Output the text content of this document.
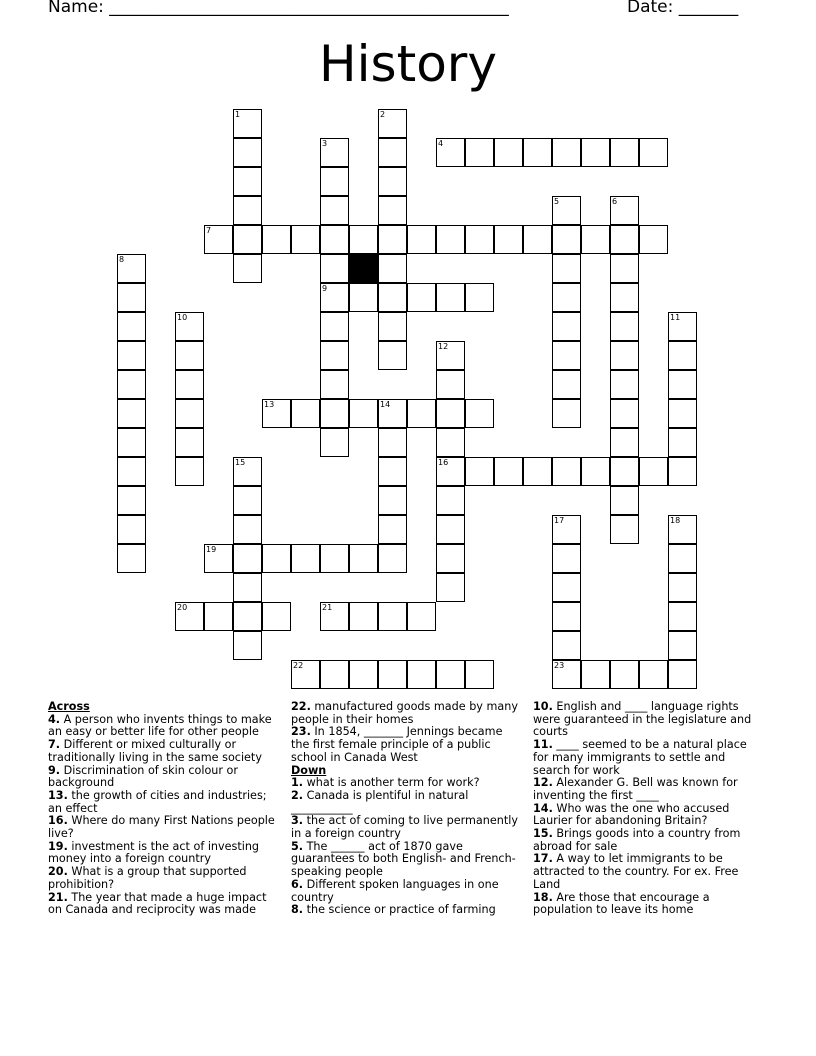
Name: _______________________________________________	Date: _______
History
1	2
3
9
4
5	6
7
8
10	11
12
16
13	14
15
17	18
19
20	21
22	23
Across
4. A person who invents things to make an easy or better life for other people
7. Different or mixed culturally or traditionally living in the same society
9. Discrimination of skin colour or background
13. the growth of cities and industries; an effect
16. Where do many First Nations people live?
19. investment is the act of investing money into a foreign country
20. What is a group that supported prohibition?
21. The year that made a huge impact on Canada and reciprocity was made
22. manufactured goods made by many people in their homes
23. In 1854, _______ Jennings became the first female principle of a public school in Canada West
Down
1. what is another term for work?
2. Canada is plentiful in natural ___________
3. the act of coming to live permanently in a foreign country
5. The ______ act of 1870 gave guarantees to both English- and French-speaking people
6. Different spoken languages in one country
8. the science or practice of farming
10. English and ____ language rights were guaranteed in the legislature and courts
11. ____ seemed to be a natural place for many immigrants to settle and search for work
12. Alexander G. Bell was known for inventing the first ____
14. Who was the one who accused Laurier for abandoning Britain?
15. Brings goods into a country from abroad for sale
17. A way to let immigrants to be attracted to the country. For ex. Free Land
18. Are those that encourage a population to leave its home
